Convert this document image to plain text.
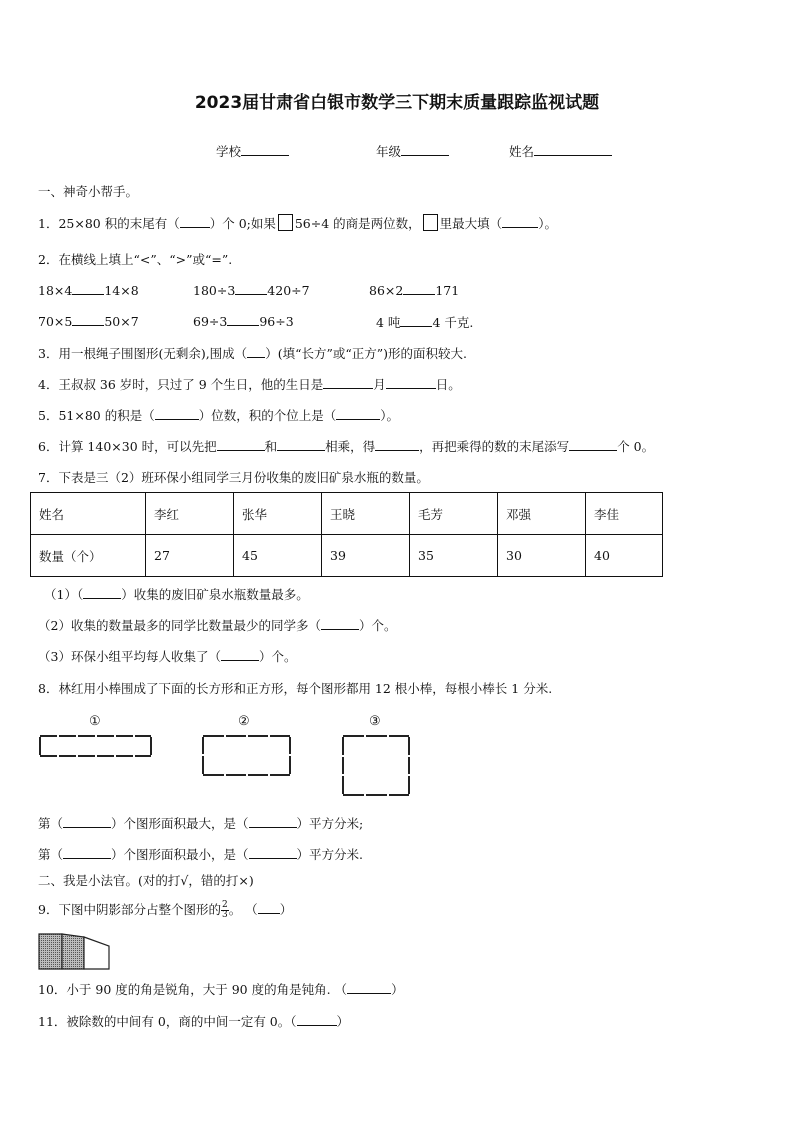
2023届甘肃省白银市数学三下期末质量跟踪监视试题
学校	年级	姓名
一、神奇小帮手。
1．25×80 积的末尾有（ ）个 0;如果 56÷4 的商是两位数， 里最大填（	）。
2．在横线上填上“<”、“>”或“=”.
18×4	14×8	180÷3	420÷7	86×2	171
70×5	50×7	69÷3	96÷3	4 吨	4 千克.
3．用一根绳子围图形(无剩余),围成（ ）(填“长方”或“正方”)形的面积较大.
4．王叔叔 36 岁时，只过了 9 个生日，他的生日是	月	日。
5．51×80 的积是（	）位数，积的个位上是（	）。
6．计算 140×30 时，可以先把	和	相乘，得	，再把乘得的数的末尾添写	个 0。
7．下表是三（2）班环保小组同学三月份收集的废旧矿泉水瓶的数量。
姓名	李红	张华	王晓	毛芳	邓强	李佳
数量（个）	27	45	39	35	30	40
（1）（	）收集的废旧矿泉水瓶数量最多。
（2）收集的数量最多的同学比数量最少的同学多（	）个。
（3）环保小组平均每人收集了（	）个。
8．林红用小棒围成了下面的长方形和正方形，每个图形都用 12 根小棒，每根小棒长 1 分米.
①	②	③
第（	）个图形面积最大，是（	）平方分米;
第（	）个图形面积最小，是（	）平方分米.
二、我是小法官。(对的打√，错的打×)
9．下图中阴影部分占整个图形的 $\frac{2}{3}$ 。 （ ）
10．小于 90 度的角是锐角，大于 90 度的角是钝角. （	）
11．被除数的中间有 0，商的中间一定有 0。（	）
